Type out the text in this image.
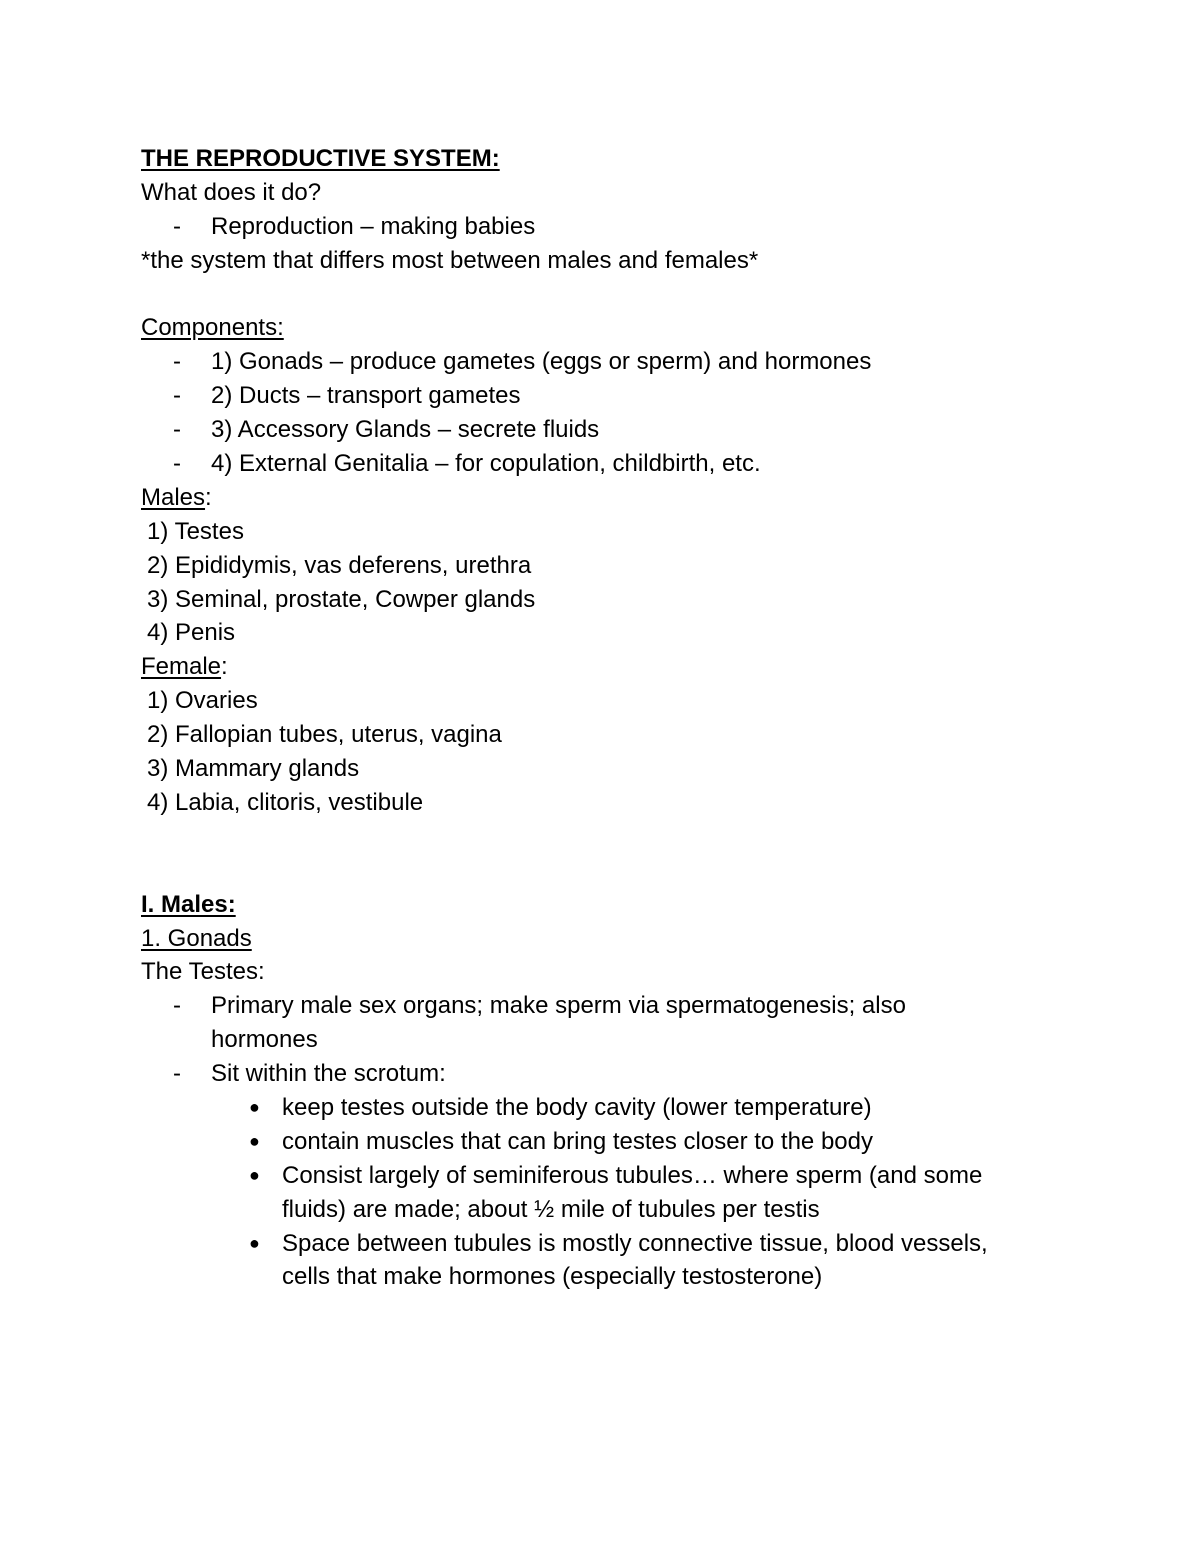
THE REPRODUCTIVE SYSTEM:
What does it do?
- Reproduction – making babies
*the system that differs most between males and females*
Components:
- 1) Gonads – produce gametes (eggs or sperm) and hormones
- 2) Ducts – transport gametes
- 3) Accessory Glands – secrete fluids
- 4) External Genitalia – for copulation, childbirth, etc.
Males:
1) Testes
2) Epididymis, vas deferens, urethra
3) Seminal, prostate, Cowper glands
4) Penis
Female:
1) Ovaries
2) Fallopian tubes, uterus, vagina
3) Mammary glands
4) Labia, clitoris, vestibule
I. Males:
1. Gonads
The Testes:
- Primary male sex organs; make sperm via spermatogenesis; also hormones
- Sit within the scrotum:
● keep testes outside the body cavity (lower temperature)
● contain muscles that can bring testes closer to the body
● Consist largely of seminiferous tubules… where sperm (and some fluids) are made; about ½ mile of tubules per testis
● Space between tubules is mostly connective tissue, blood vessels, cells that make hormones (especially testosterone)
